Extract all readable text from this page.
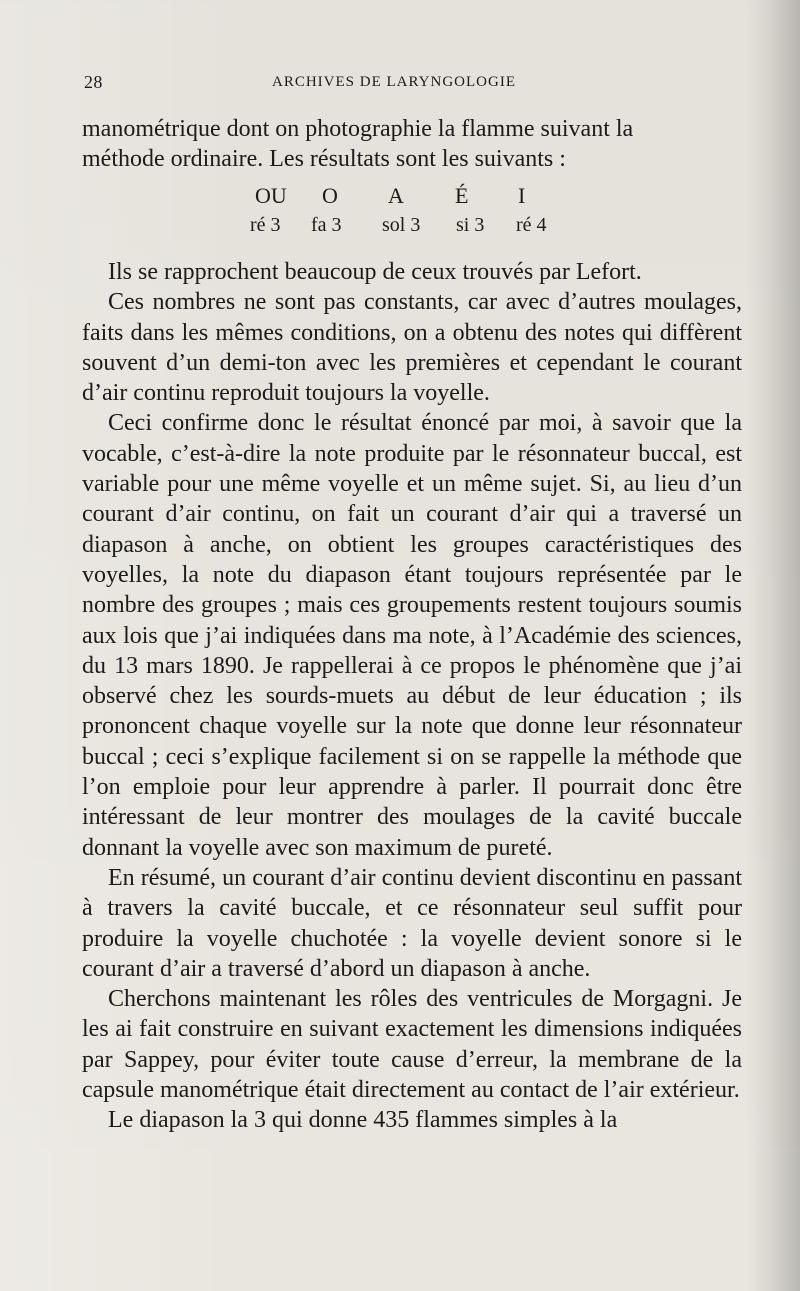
28	ARCHIVES DE LARYNGOLOGIE

manométrique dont on photographie la flamme suivant la

méthode ordinaire. Les résultats sont les suivants :

OU O A É I
ré 3 fa 3 sol 3 si 3 ré 4

Ils se rapprochent beaucoup de ceux trouvés par Lefort.

Ces nombres ne sont pas constants, car avec d’autres moulages, faits dans les mêmes conditions, on a obtenu des notes qui diffèrent souvent d’un demi-ton avec les premières et cependant le courant d’air continu reproduit toujours la voyelle.

Ceci confirme donc le résultat énoncé par moi, à savoir que la vocable, c’est-à-dire la note produite par le résonnateur buccal, est variable pour une même voyelle et un même sujet. Si, au lieu d’un courant d’air continu, on fait un courant d’air qui a traversé un diapason à anche, on obtient les groupes caractéristiques des voyelles, la note du diapason étant toujours représentée par le nombre des groupes ; mais ces groupements restent toujours soumis aux lois que j’ai indiquées dans ma note, à l’Académie des sciences, du 13 mars 1890. Je rappellerai à ce propos le phénomène que j’ai observé chez les sourds-muets au début de leur éducation ; ils prononcent chaque voyelle sur la note que donne leur résonnateur buccal ; ceci s’explique facilement si on se rappelle la méthode que l’on emploie pour leur apprendre à parler. Il pourrait donc être intéressant de leur montrer des moulages de la cavité buccale donnant la voyelle avec son maximum de pureté.

En résumé, un courant d’air continu devient discontinu en passant à travers la cavité buccale, et ce résonnateur seul suffit pour produire la voyelle chuchotée : la voyelle devient sonore si le courant d’air a traversé d’abord un diapason à anche.

Cherchons maintenant les rôles des ventricules de Morgagni. Je les ai fait construire en suivant exactement les dimensions indiquées par Sappey, pour éviter toute cause d’erreur, la membrane de la capsule manométrique était directement au contact de l’air extérieur.

Le diapason la 3 qui donne 435 flammes simples à la
